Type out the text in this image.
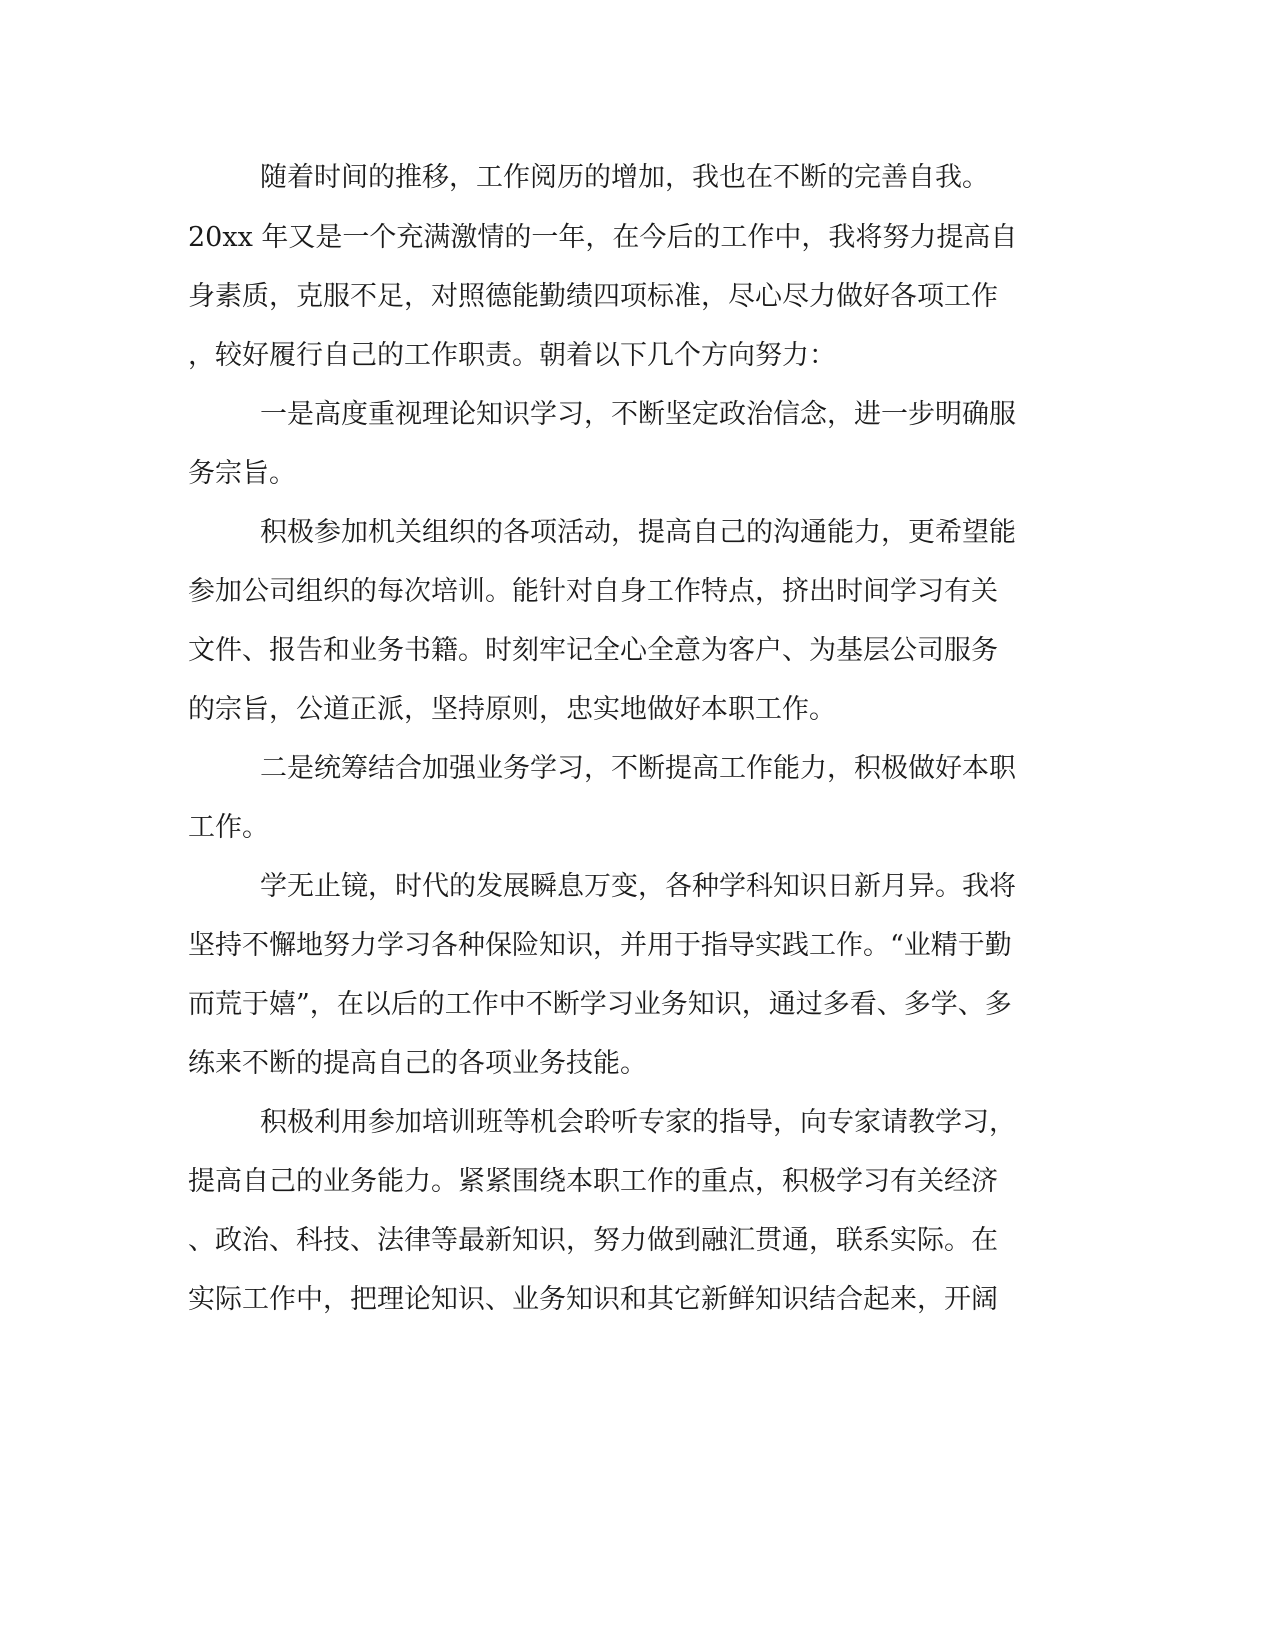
随着时间的推移，工作阅历的增加，我也在不断的完善自我。
20xx 年又是一个充满激情的一年，在今后的工作中，我将努力提高自
身素质，克服不足，对照德能勤绩四项标准，尽心尽力做好各项工作
，较好履行自己的工作职责。朝着以下几个方向努力：
一是高度重视理论知识学习，不断坚定政治信念，进一步明确服
务宗旨。
积极参加机关组织的各项活动，提高自己的沟通能力，更希望能
参加公司组织的每次培训。能针对自身工作特点，挤出时间学习有关
文件、报告和业务书籍。时刻牢记全心全意为客户、为基层公司服务
的宗旨，公道正派，坚持原则，忠实地做好本职工作。
二是统筹结合加强业务学习，不断提高工作能力，积极做好本职
工作。
学无止镜，时代的发展瞬息万变，各种学科知识日新月异。我将
坚持不懈地努力学习各种保险知识，并用于指导实践工作。“业精于勤
而荒于嬉”，在以后的工作中不断学习业务知识，通过多看、多学、多
练来不断的提高自己的各项业务技能。
积极利用参加培训班等机会聆听专家的指导，向专家请教学习，
提高自己的业务能力。紧紧围绕本职工作的重点，积极学习有关经济
、政治、科技、法律等最新知识，努力做到融汇贯通，联系实际。在
实际工作中，把理论知识、业务知识和其它新鲜知识结合起来，开阔
